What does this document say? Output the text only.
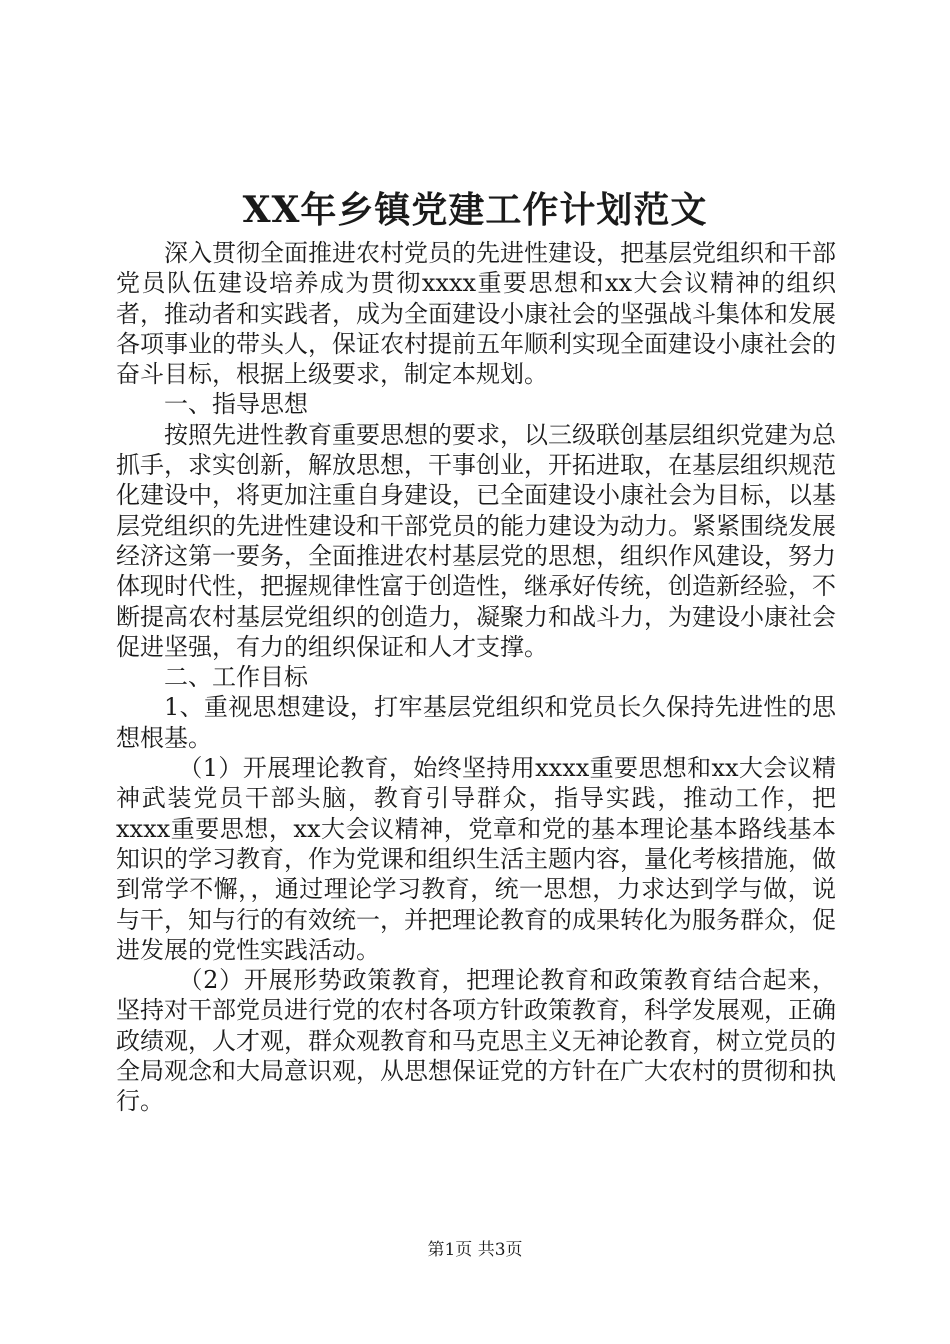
XX年乡镇党建工作计划范文

深入贯彻全面推进农村党员的先进性建设，把基层党组织和干部党员队伍建设培养成为贯彻xxxx重要思想和xx大会议精神的组织者，推动者和实践者，成为全面建设小康社会的坚强战斗集体和发展各项事业的带头人，保证农村提前五年顺利实现全面建设小康社会的奋斗目标，根据上级要求，制定本规划。

一、指导思想

按照先进性教育重要思想的要求，以三级联创基层组织党建为总抓手，求实创新，解放思想，干事创业，开拓进取，在基层组织规范化建设中，将更加注重自身建设，已全面建设小康社会为目标，以基层党组织的先进性建设和干部党员的能力建设为动力。紧紧围绕发展经济这第一要务，全面推进农村基层党的思想，组织作风建设，努力体现时代性，把握规律性富于创造性，继承好传统，创造新经验，不断提高农村基层党组织的创造力，凝聚力和战斗力，为建设小康社会促进坚强，有力的组织保证和人才支撑。

二、工作目标

1、重视思想建设，打牢基层党组织和党员长久保持先进性的思想根基。

（1）开展理论教育，始终坚持用xxxx重要思想和xx大会议精神武装党员干部头脑，教育引导群众，指导实践，推动工作，把xxxx重要思想，xx大会议精神，党章和党的基本理论基本路线基本知识的学习教育，作为党课和组织生活主题内容，量化考核措施，做到常学不懈，，通过理论学习教育，统一思想，力求达到学与做，说与干，知与行的有效统一，并把理论教育的成果转化为服务群众，促进发展的党性实践活动。

（2）开展形势政策教育，把理论教育和政策教育结合起来，坚持对干部党员进行党的农村各项方针政策教育，科学发展观，正确政绩观，人才观，群众观教育和马克思主义无神论教育，树立党员的全局观念和大局意识观，从思想保证党的方针在广大农村的贯彻和执行。

第1页 共3页
